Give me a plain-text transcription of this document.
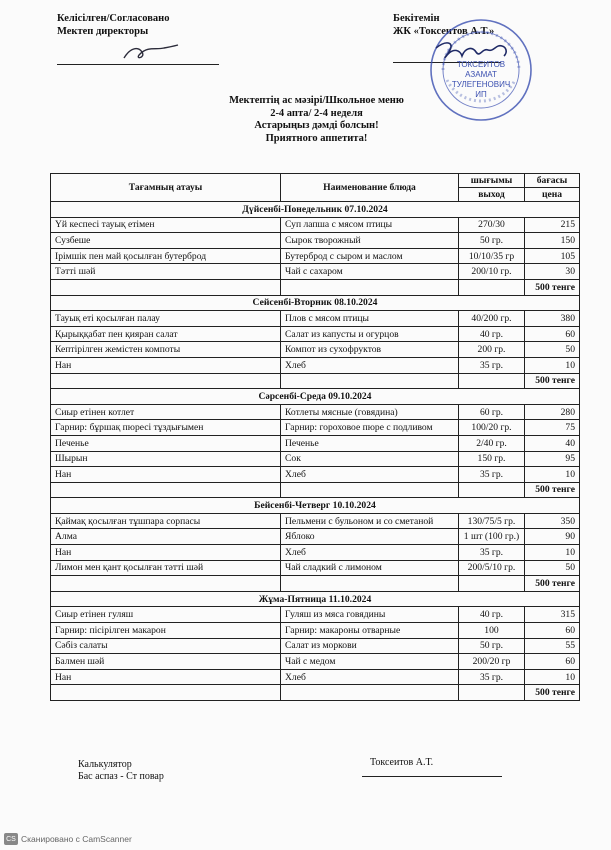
Келісілген/Согласовано
Мектеп директоры
Бекітемін
ЖК «Токсеитов А.Т.»
ТОКСЕИТОВ
АЗАМАТ
ТУЛЕГЕНОВИЧ
ИП
Мектептің ас мәзірі/Школьное меню
2-4 апта/ 2-4 неделя
Астарыңыз дәмді болсын!
Приятного аппетита!
Тағамның атауы	Наименование блюда	шығымы	бағасы
		выход	цена
Дүйсенбі-Понедельник 07.10.2024			
Үй кеспесі тауық етімен	Суп лапша с мясом птицы	270/30	215
Сузбеше	Сырок творожный	50 гр.	150
Ірімшік пен май қосылған бутерброд	Бутерброд с сыром и маслом	10/10/35 гр	105
Тәтті шәй	Чай с сахаром	200/10 гр.	30
			500 тенге
Сейсенбі-Вторник 08.10.2024			
Тауық еті қосылған палау	Плов с мясом птицы	40/200 гр.	380
Қырыққабат пен қияран салат	Салат из капусты и огурцов	40 гр.	60
Кептірілген жемістен компоты	Компот из сухофруктов	200 гр.	50
Нан	Хлеб	35 гр.	10
			500 тенге
Сәрсенбі-Среда 09.10.2024			
Сиыр етінен котлет	Котлеты мясные (говядина)	60 гр.	280
Гарнир: бұршақ пюресі тұздығымен	Гарнир: гороховое пюре с подливом	100/20 гр.	75
Печенье	Печенье	2/40 гр.	40
Шырын	Сок	150 гр.	95
Нан	Хлеб	35 гр.	10
			500 тенге
Бейсенбі-Четверг 10.10.2024			
Қаймақ қосылған тұшпара сорпасы	Пельмени с бульоном и со сметаной	130/75/5 гр.	350
Алма	Яблоко	1 шт (100 гр.)	90
Нан	Хлеб	35 гр.	10
Лимон мен қант қосылған тәтті шәй	Чай сладкий с лимоном	200/5/10 гр.	50
			500 тенге
Жұма-Пятница 11.10.2024			
Сиыр етінен гуляш	Гуляш из мяса говядины	40 гр.	315
Гарнир: пісірілген макарон	Гарнир: макароны отварные	100	60
Сәбіз салаты	Салат из моркови	50 гр.	55
Балмен шәй	Чай с медом	200/20 гр	60
Нан	Хлеб	35 гр.	10
			500 тенге
Калькулятор
Бас аспаз - Ст повар
Токсеитов А.Т.
CS Сканировано с CamScanner
